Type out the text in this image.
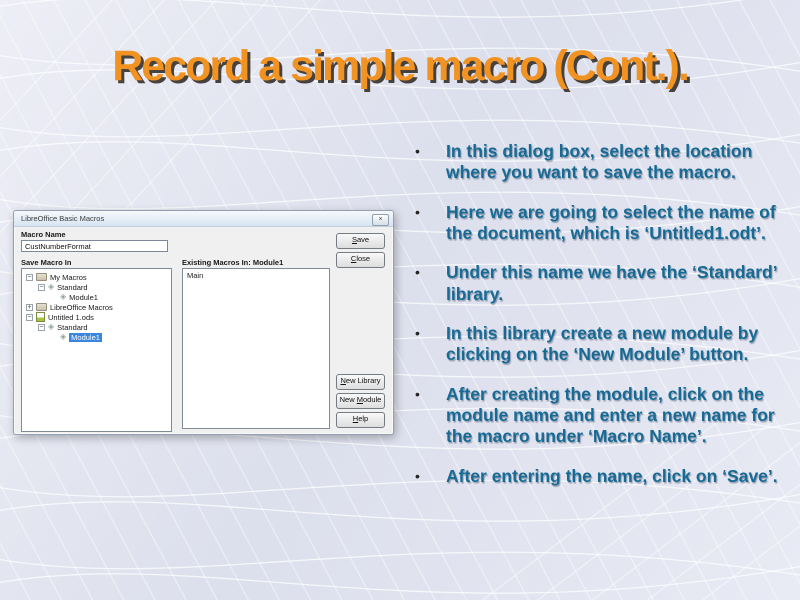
Record a simple macro (Cont.).
LibreOffice Basic Macros	×
Macro Name
CustNumberFormat
Save Macro In	Existing Macros In: Module1
− My Macros
− ◈ Standard
◈ Module1
+ LibreOffice Macros
− Untitled 1.ods
− ◈ Standard
◈ Module1
Main
Save
Close
New Library
New Module
Help
•	In this dialog box, select the location where you want to save the macro.
•	Here we are going to select the name of the document, which is ‘Untitled1.odt’.
•	Under this name we have the ‘Standard’ library.
•	In this library create a new module by clicking on the ‘New Module’ button.
•	After creating the module, click on the module name and enter a new name for the macro under ‘Macro Name’.
•	After entering the name, click on ‘Save’.
